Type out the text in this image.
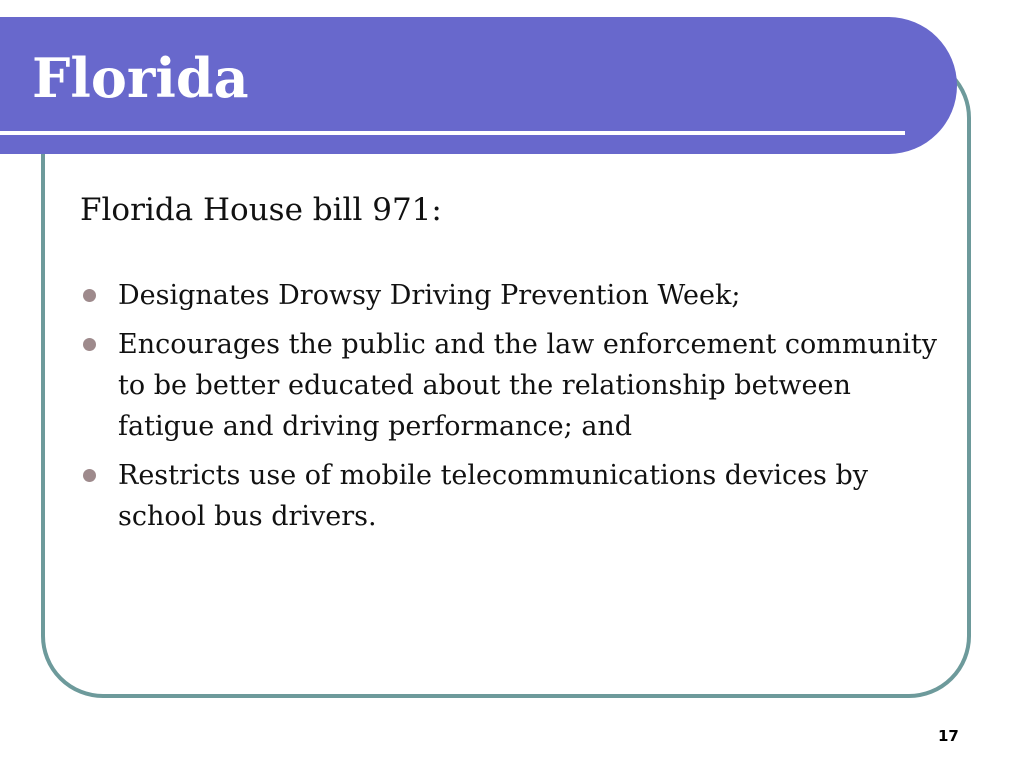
Florida

Florida House bill 971:

Designates Drowsy Driving Prevention Week;
Encourages the public and the law enforcement community to be better educated about the relationship between fatigue and driving performance; and
Restricts use of mobile telecommunications devices by school bus drivers.
17
